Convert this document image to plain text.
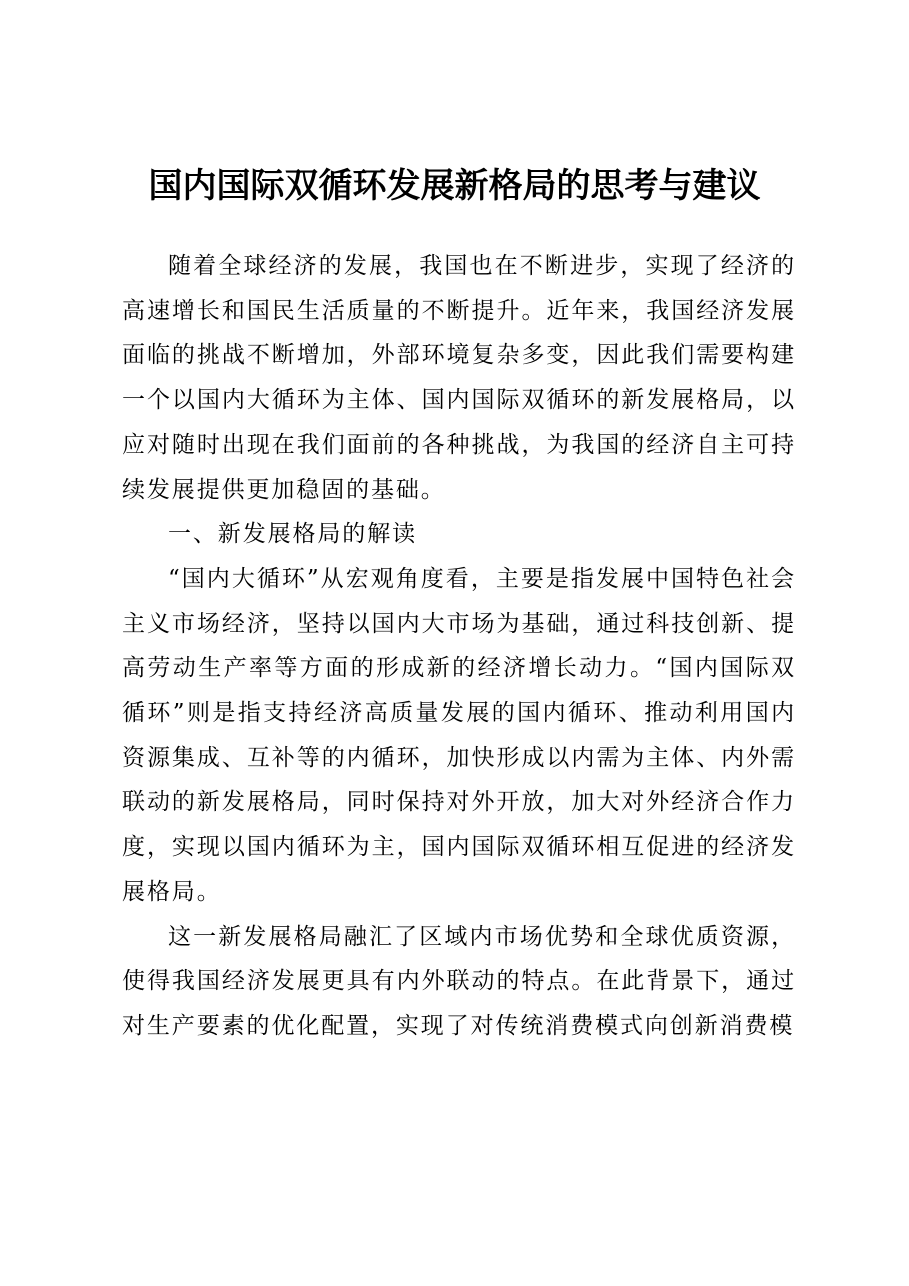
国内国际双循环发展新格局的思考与建议

随着全球经济的发展，我国也在不断进步，实现了经济的高速增长和国民生活质量的不断提升。近年来，我国经济发展面临的挑战不断增加，外部环境复杂多变，因此我们需要构建一个以国内大循环为主体、国内国际双循环的新发展格局，以应对随时出现在我们面前的各种挑战，为我国的经济自主可持续发展提供更加稳固的基础。

一、新发展格局的解读

“国内大循环”从宏观角度看，主要是指发展中国特色社会主义市场经济，坚持以国内大市场为基础，通过科技创新、提高劳动生产率等方面的形成新的经济增长动力。“国内国际双循环”则是指支持经济高质量发展的国内循环、推动利用国内资源集成、互补等的内循环，加快形成以内需为主体、内外需联动的新发展格局，同时保持对外开放，加大对外经济合作力度，实现以国内循环为主，国内国际双循环相互促进的经济发展格局。

这一新发展格局融汇了区域内市场优势和全球优质资源，使得我国经济发展更具有内外联动的特点。在此背景下，通过对生产要素的优化配置，实现了对传统消费模式向创新消费模
